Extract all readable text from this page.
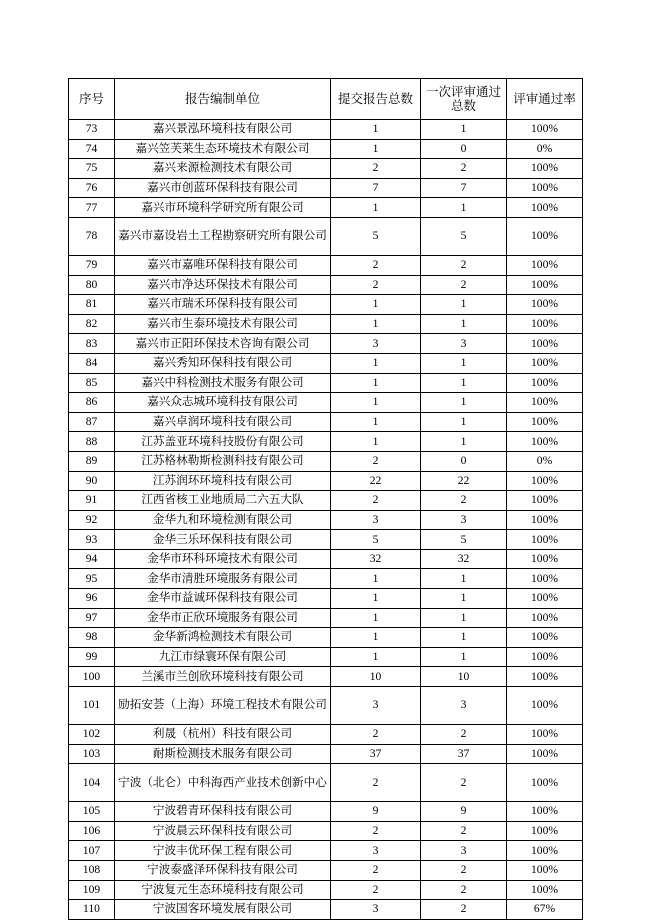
序号	报告编制单位	提交报告总数	一次评审通过总数	评审通过率
73	嘉兴景泓环境科技有限公司	1	1	100%
74	嘉兴笠芙莱生态环境技术有限公司	1	0	0%
75	嘉兴来源检测技术有限公司	2	2	100%
76	嘉兴市创蓝环保科技有限公司	7	7	100%
77	嘉兴市环境科学研究所有限公司	1	1	100%
78	嘉兴市嘉设岩土工程勘察研究所有限公司	5	5	100%
79	嘉兴市嘉唯环保科技有限公司	2	2	100%
80	嘉兴市净达环保技术有限公司	2	2	100%
81	嘉兴市瑞禾环保科技有限公司	1	1	100%
82	嘉兴市生泰环境技术有限公司	1	1	100%
83	嘉兴市正阳环保技术咨询有限公司	3	3	100%
84	嘉兴秀知环保科技有限公司	1	1	100%
85	嘉兴中科检测技术服务有限公司	1	1	100%
86	嘉兴众志城环境科技有限公司	1	1	100%
87	嘉兴卓润环境科技有限公司	1	1	100%
88	江苏盖亚环境科技股份有限公司	1	1	100%
89	江苏格林勒斯检测科技有限公司	2	0	0%
90	江苏润环环境科技有限公司	22	22	100%
91	江西省核工业地质局二六五大队	2	2	100%
92	金华九和环境检测有限公司	3	3	100%
93	金华三乐环保科技有限公司	5	5	100%
94	金华市环科环境技术有限公司	32	32	100%
95	金华市清胜环境服务有限公司	1	1	100%
96	金华市益诚环保科技有限公司	1	1	100%
97	金华市正欣环境服务有限公司	1	1	100%
98	金华新鸿检测技术有限公司	1	1	100%
99	九江市绿寰环保有限公司	1	1	100%
100	兰溪市兰创欣环境科技有限公司	10	10	100%
101	励拓安荟（上海）环境工程技术有限公司	3	3	100%
102	利晟（杭州）科技有限公司	2	2	100%
103	耐斯检测技术服务有限公司	37	37	100%
104	宁波（北仑）中科海西产业技术创新中心	2	2	100%
105	宁波碧青环保科技有限公司	9	9	100%
106	宁波晨云环保科技有限公司	2	2	100%
107	宁波丰优环保工程有限公司	3	3	100%
108	宁波泰盛泽环保科技有限公司	2	2	100%
109	宁波复元生态环境科技有限公司	2	2	100%
110	宁波国客环境发展有限公司	3	2	67%
